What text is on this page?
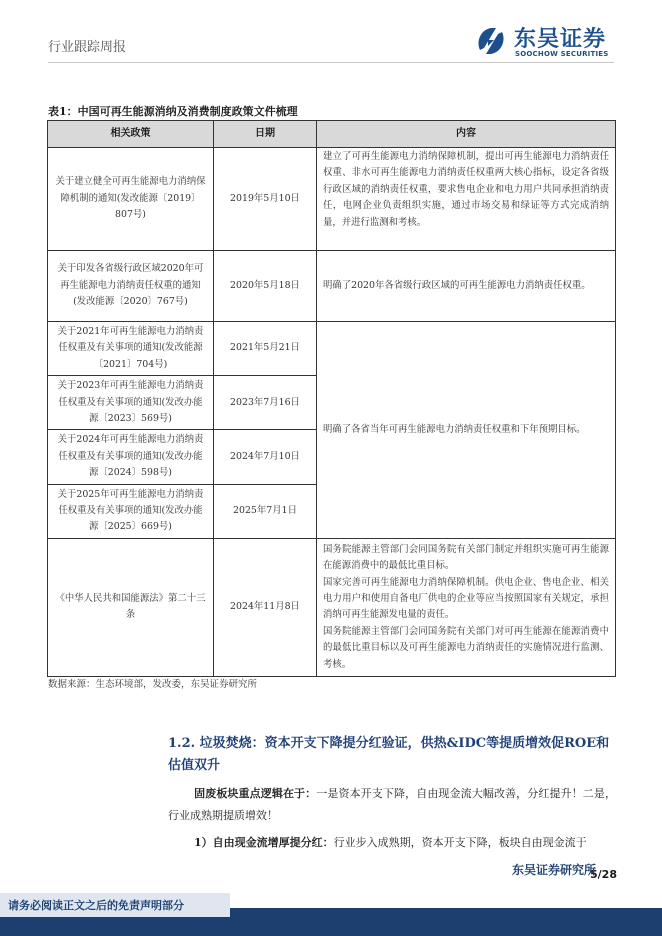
行业跟踪周报	东吴证券
SOOCHOW SECURITIES
表1：中国可再生能源消纳及消费制度政策文件梳理
相关政策	日期	内容
关于建立健全可再生能源电力消纳保障机制的通知(发改能源〔2019〕807号)	2019年5月10日	建立了可再生能源电力消纳保障机制，提出可再生能源电力消纳责任权重、非水可再生能源电力消纳责任权重两大核心指标，设定各省级行政区域的消纳责任权重，要求售电企业和电力用户共同承担消纳责任，电网企业负责组织实施，通过市场交易和绿证等方式完成消纳量，并进行监测和考核。
关于印发各省级行政区域2020年可再生能源电力消纳责任权重的通知(发改能源〔2020〕767号)	2020年5月18日	明确了2020年各省级行政区域的可再生能源电力消纳责任权重。
关于2021年可再生能源电力消纳责任权重及有关事项的通知(发改能源〔2021〕704号)	2021年5月21日	明确了各省当年可再生能源电力消纳责任权重和下年预期目标。
关于2023年可再生能源电力消纳责任权重及有关事项的通知(发改办能源〔2023〕569号)	2023年7月16日	
关于2024年可再生能源电力消纳责任权重及有关事项的通知(发改办能源〔2024〕598号)	2024年7月10日	
关于2025年可再生能源电力消纳责任权重及有关事项的通知(发改办能源〔2025〕669号)	2025年7月1日	
《中华人民共和国能源法》第二十三条	2024年11月8日	国务院能源主管部门会同国务院有关部门制定并组织实施可再生能源在能源消费中的最低比重目标。
国家完善可再生能源电力消纳保障机制。供电企业、售电企业、相关电力用户和使用自备电厂供电的企业等应当按照国家有关规定，承担消纳可再生能源发电量的责任。
国务院能源主管部门会同国务院有关部门对可再生能源在能源消费中的最低比重目标以及可再生能源电力消纳责任的实施情况进行监测、考核。
数据来源：生态环境部，发改委，东吴证券研究所
1.2. 垃圾焚烧：资本开支下降提分红验证，供热&IDC等提质增效促ROE和估值双升
固废板块重点逻辑在于：一是资本开支下降，自由现金流大幅改善，分红提升！二是，行业成熟期提质增效！
1）自由现金流增厚提分红：行业步入成熟期，资本开支下降，板块自由现金流于
5/28
东吴证券研究所
请务必阅读正文之后的免责声明部分
